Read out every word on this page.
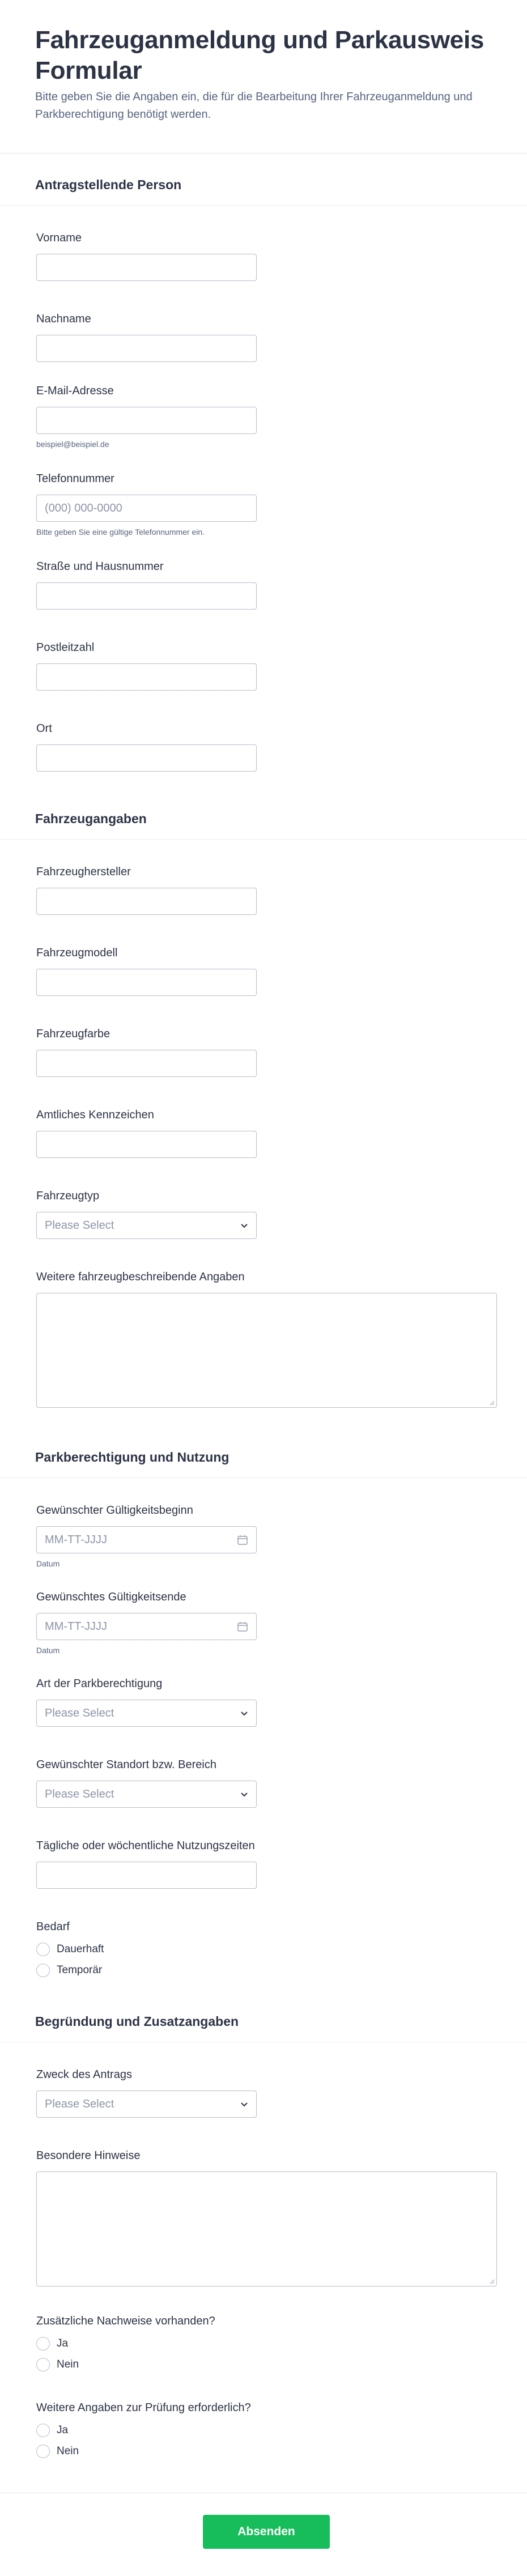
Fahrzeuganmeldung und Parkausweis Formular

Bitte geben Sie die Angaben ein, die für die Bearbeitung Ihrer Fahrzeuganmeldung und Parkberechtigung benötigt werden.

Antragstellende Person
Vorname
Nachname
E-Mail-Adresse
beispiel@beispiel.de
Telefonnummer
(000) 000-0000
Bitte geben Sie eine gültige Telefonnummer ein.
Straße und Hausnummer
Postleitzahl
Ort
Fahrzeugangaben
Fahrzeughersteller
Fahrzeugmodell
Fahrzeugfarbe
Amtliches Kennzeichen
Fahrzeugtyp
Please Select
Weitere fahrzeugbeschreibende Angaben
Parkberechtigung und Nutzung
Gewünschter Gültigkeitsbeginn
MM-TT-JJJJ
Datum
Gewünschtes Gültigkeitsende
MM-TT-JJJJ
Datum
Art der Parkberechtigung
Please Select
Gewünschter Standort bzw. Bereich
Please Select
Tägliche oder wöchentliche Nutzungszeiten
Bedarf
Dauerhaft
Temporär
Begründung und Zusatzangaben
Zweck des Antrags
Please Select
Besondere Hinweise
Zusätzliche Nachweise vorhanden?
Ja
Nein
Weitere Angaben zur Prüfung erforderlich?
Ja
Nein
Absenden
